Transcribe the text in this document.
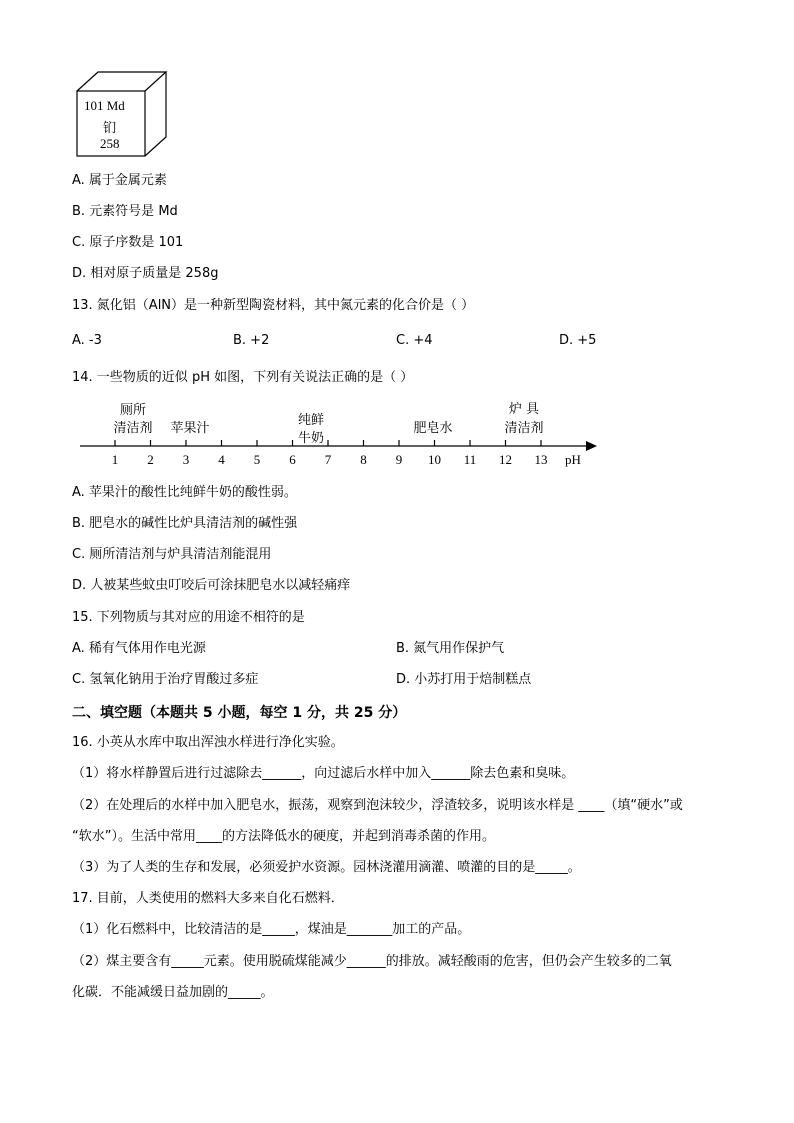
101 Md
钔
258
A. 属于金属元素
B. 元素符号是 Md
C. 原子序数是 101
D. 相对原子质量是 258g
13. 氮化铝（AlN）是一种新型陶瓷材料，其中氮元素的化合价是（ ）
A. -3	B. +2	C. +4	D. +5
14. 一些物质的近似 pH 如图，下列有关说法正确的是（ ）
厕所
清洁剂	苹果汁
纯鲜
牛奶
肥皂水
炉 具
清洁剂
1	2	3	4	5	6	7	8	9	10	11	12	13	pH
A. 苹果汁的酸性比纯鲜牛奶的酸性弱。
B. 肥皂水的碱性比炉具清洁剂的碱性强
C. 厕所清洁剂与炉具清洁剂能混用
D. 人被某些蚊虫叮咬后可涂抹肥皂水以减轻痛痒
15. 下列物质与其对应的用途不相符的是
A. 稀有气体用作电光源	B. 氮气用作保护气
C. 氢氧化钠用于治疗胃酸过多症	D. 小苏打用于焙制糕点
二、填空题（本题共 5 小题，每空 1 分，共 25 分）
16. 小英从水库中取出浑浊水样进行净化实验。
（1）将水样静置后进行过滤除去______，向过滤后水样中加入______除去色素和臭味。
（2）在处理后的水样中加入肥皂水，振荡，观察到泡沫较少，浮渣较多，说明该水样是 ____（填“硬水”或
“软水”）。生活中常用____的方法降低水的硬度，并起到消毒杀菌的作用。
（3）为了人类的生存和发展，必须爱护水资源。园林浇灌用滴灌、喷灌的目的是_____。
17. 目前，人类使用的燃料大多来自化石燃料．
（1）化石燃料中，比较清洁的是_____，煤油是_______加工的产品。
（2）煤主要含有_____元素。使用脱硫煤能减少______的排放。减轻酸雨的危害，但仍会产生较多的二氧
化碳．不能减缓日益加剧的_____。
